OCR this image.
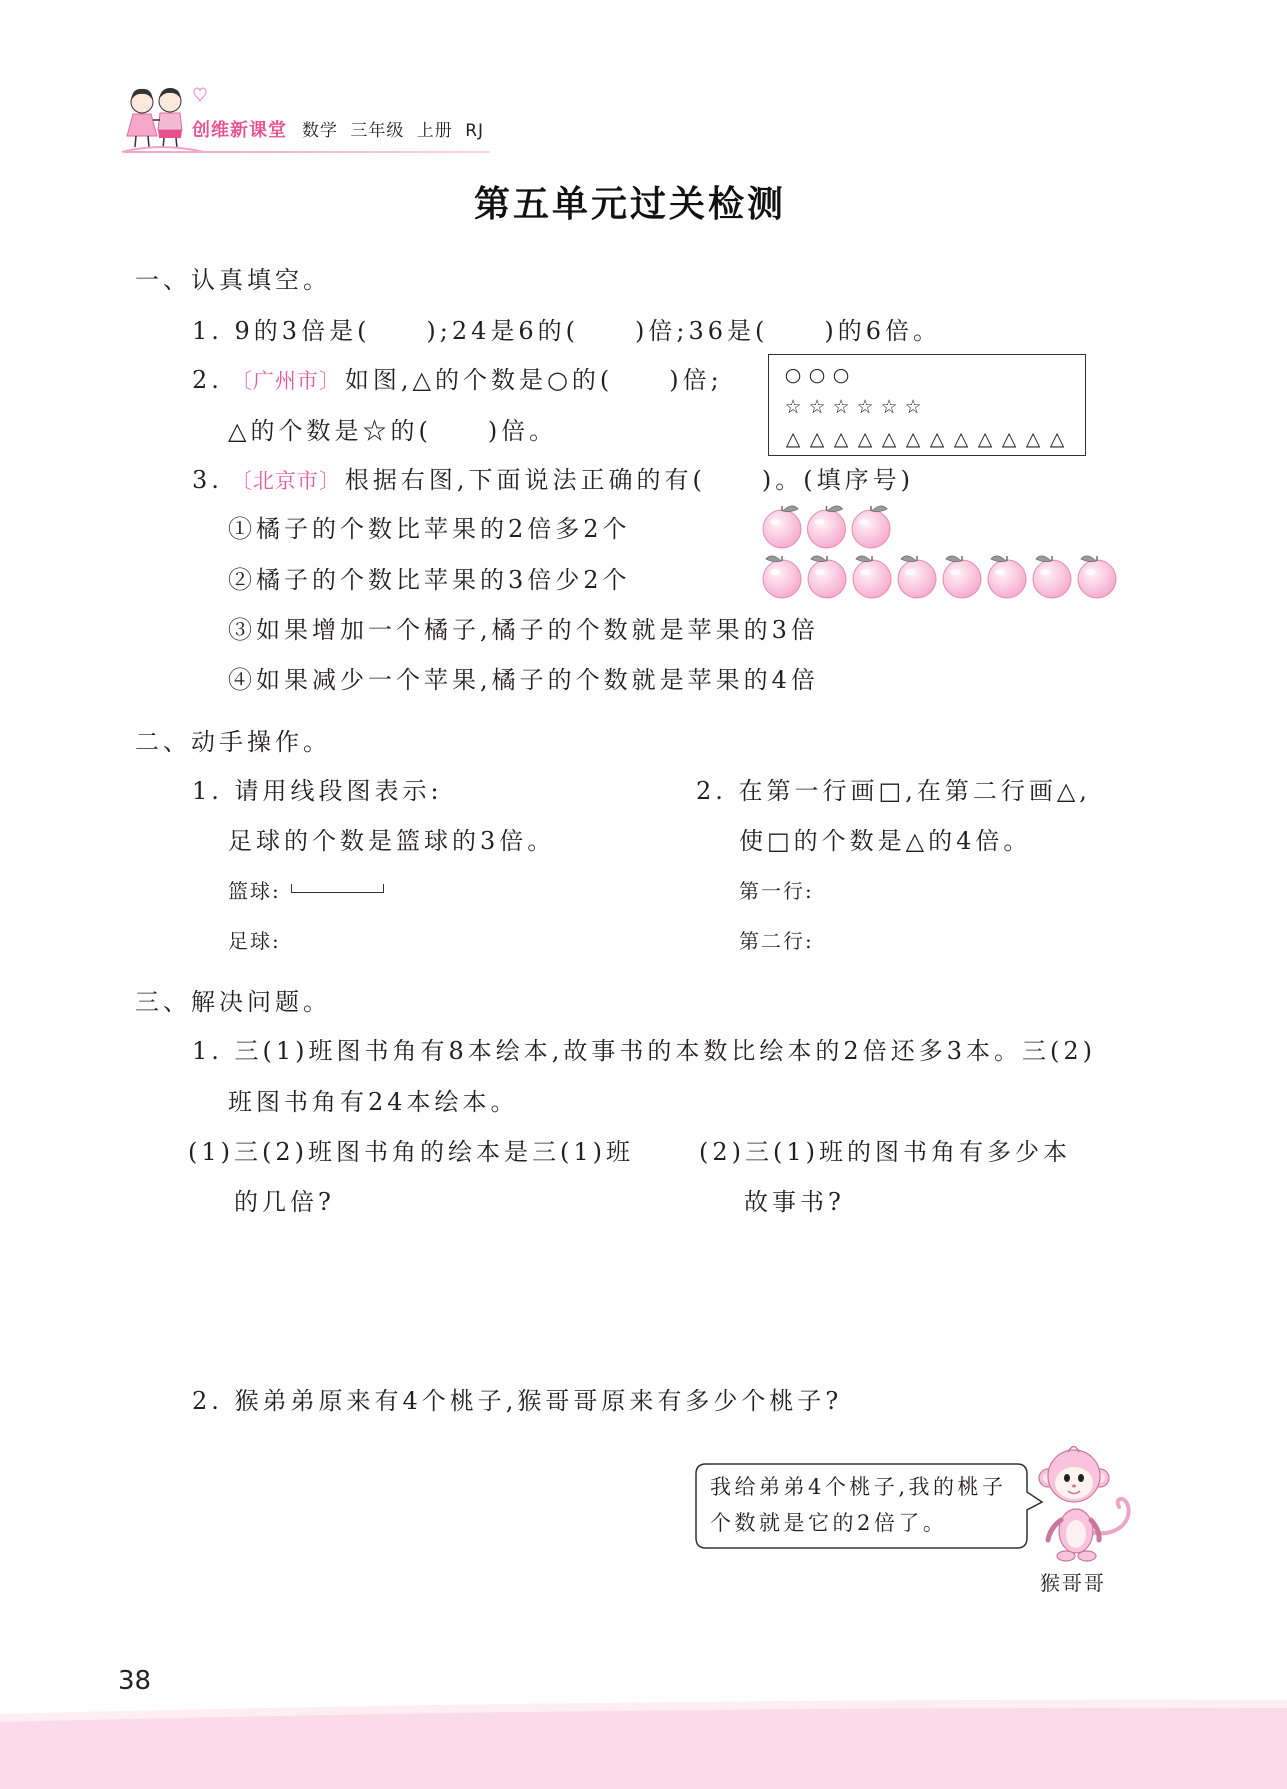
创维新课堂 数学 三年级 上册 RJ
第五单元过关检测
一、认真填空。
1. 9的3倍是(　　);24是6的(　　)倍;36是(　　)的6倍。
2. 〔广州市〕 如图,△的个数是○的(　　)倍;
△的个数是☆的(　　)倍。
○ ○ ○
☆ ☆ ☆ ☆ ☆ ☆
△ △ △ △ △ △ △ △ △ △ △ △
3. 〔北京市〕 根据右图,下面说法正确的有(　　)。(填序号)
①橘子的个数比苹果的2倍多2个
②橘子的个数比苹果的3倍少2个
③如果增加一个橘子,橘子的个数就是苹果的3倍
④如果减少一个苹果,橘子的个数就是苹果的4倍
二、动手操作。
1. 请用线段图表示:
足球的个数是篮球的3倍。
篮球:
足球:
2. 在第一行画□,在第二行画△,
使□的个数是△的4倍。
第一行:
第二行:
三、解决问题。
1. 三(1)班图书角有8本绘本,故事书的本数比绘本的2倍还多3本。三(2)
班图书角有24本绘本。
(1)三(2)班图书角的绘本是三(1)班
的几倍?
(2)三(1)班的图书角有多少本
故事书?
2. 猴弟弟原来有4个桃子,猴哥哥原来有多少个桃子?
我给弟弟4个桃子,我的桃子
个数就是它的2倍了。
猴哥哥
38
